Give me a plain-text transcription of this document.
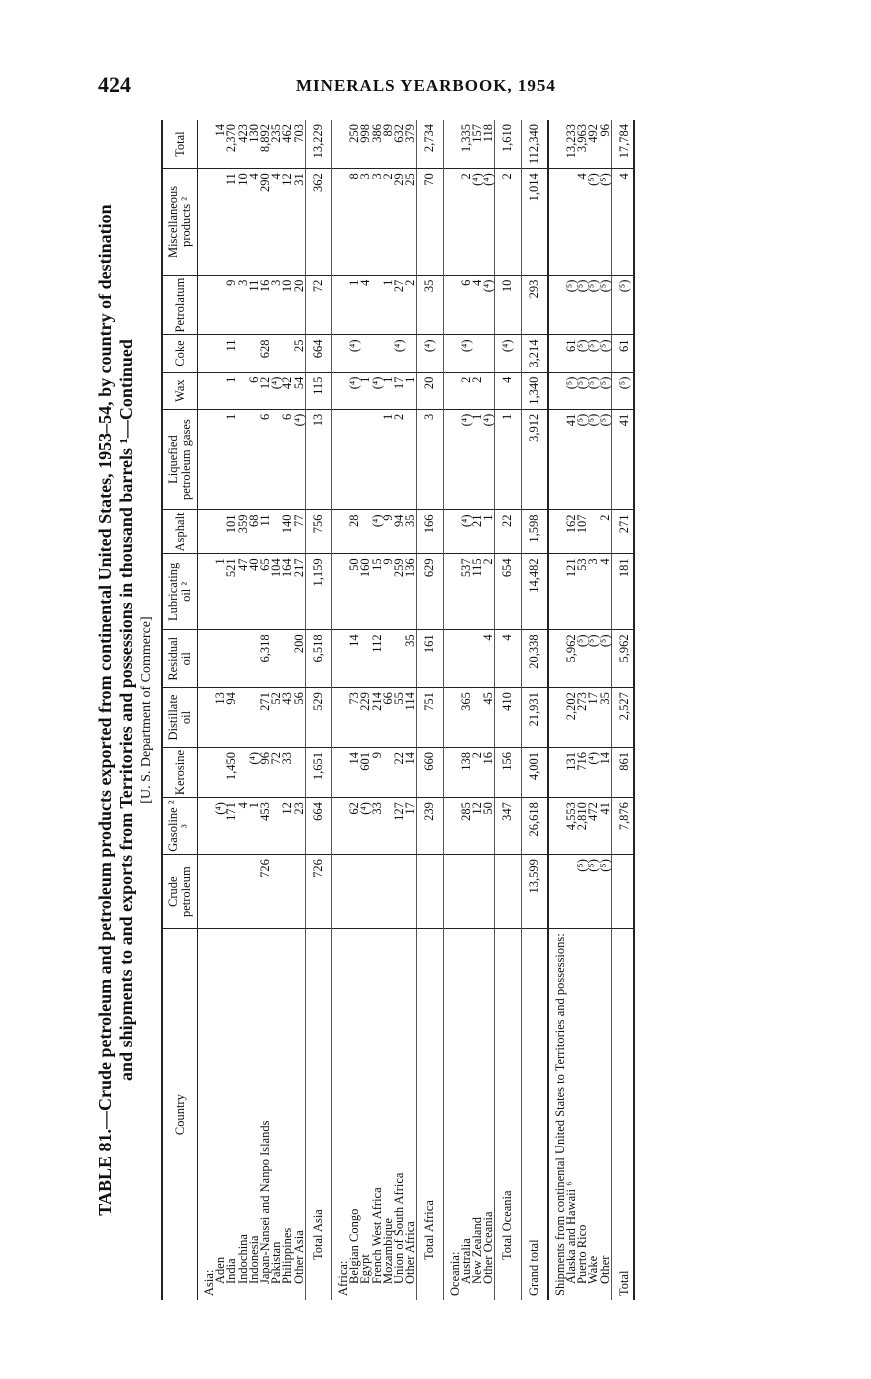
424	MINERALS YEARBOOK, 1954

TABLE 81.—Crude petroleum and petroleum products exported from continental United States, 1953–54, by country of destination
and shipments to and exports from Territories and possessions in thousand barrels ¹—Continued [U. S. Department of Commerce]
Country	Crude petroleum	Gasoline ² ³	Kerosine	Distillate oil	Residual oil	Lubricating oil ²	Asphalt	Liquefied petroleum gases	Wax	Coke	Petrolatum	Miscellaneous products ²	Total
Asia:													
Aden		(⁴)		13		1							14
India		171	1,450	94		521	101	1	1	11	9	11	2,370
Indochina		4				47	359				3	10	423
Indonesia		1	(⁴)			40	68		6		11	4	130
Japan-Nansei and Nanpo Islands	726	453	96	271	6,318	65	11	6	12	628	16	290	8,892
Pakistan			72	52		104			(⁴)		3	4	235
Philippines		12	33	43		164	140	6	42		10	12	462
Other Asia		23		56	200	217	77	(⁴)	54	25	20	31	703
Total Asia	726	664	1,651	529	6,518	1,159	756	13	115	664	72	362	13,229
Africa:													
Belgian Congo		62	14	73	14	50	28		(⁴)	(⁴)	1	8	250
Egypt		(⁴)	601	229		160			1		4	3	998
French West Africa		33	9	214	112	15	(⁴)		(⁴)			3	386
Mozambique				66		9	9	1	1		1	2	89
Union of South Africa		127	22	55		259	94	2	17	(⁴)	27	29	632
Other Africa		17	14	114	35	136	35		1		2	25	379
Total Africa		239	660	751	161	629	166	3	20	(⁴)	35	70	2,734
Oceania:													
Australia		285	138	365		537	(⁴)	(⁴)	2	(⁴)	6	2	1,335
New Zealand		12	2			115	21	1	2		4	(⁴)	157
Other Oceania		50	16	45	4	2	1	(⁴)			(⁴)	(⁴)	118
Total Oceania		347	156	410	4	654	22	1	4	(⁴)	10	2	1,610
Grand total	13,599	26,618	4,001	21,931	20,338	14,482	1,598	3,912	1,340	3,214	293	1,014	112,340
Shipments from continental United States to Territories and possessions:													
Alaska and Hawaii ⁶		4,553	131	2,202	5,962	121	162	41	(⁵)	61	(⁵)		13,233
Puerto Rico	(⁵)	2,810	716	273	(⁵)	53	107	(⁵)	(⁵)	(⁵)	(⁵)	4	3,963
Wake	(⁵)	472	(⁴)	17	(⁵)	3		(⁵)	(⁵)	(⁵)	(⁵)	(⁵)	492
Other	(⁵)	41	14	35	(⁵)	4	2	(⁵)	(⁵)	(⁵)	(⁵)	(⁵)	96
Total		7,876	861	2,527	5,962	181	271	41	(⁵)	61	(⁵)	4	17,784
